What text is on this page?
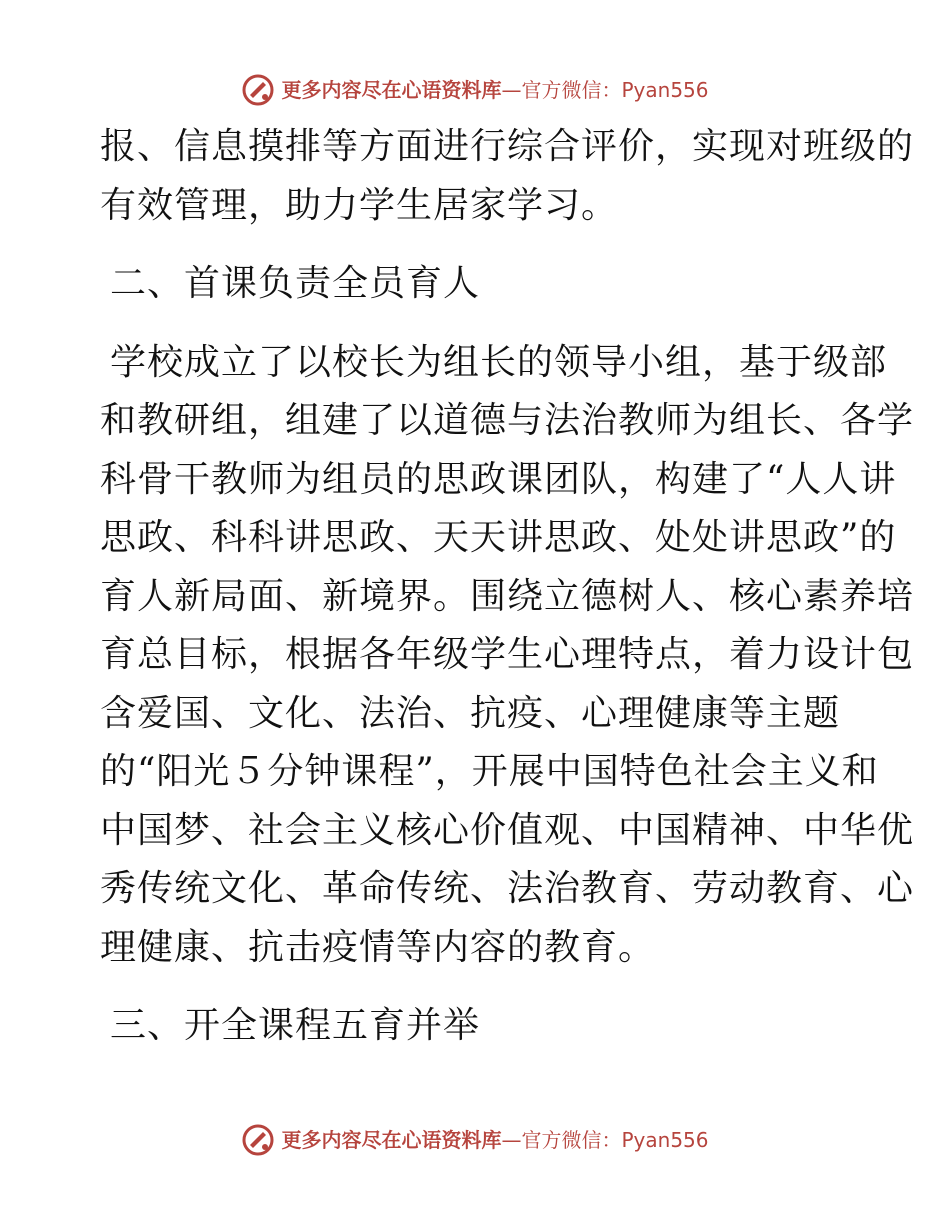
更多内容尽在心语资料库—官方微信：Pyan556
报、信息摸排等方面进行综合评价，实现对班级的
有效管理，助力学生居家学习。
二、首课负责全员育人
学校成立了以校长为组长的领导小组，基于级部
和教研组，组建了以道德与法治教师为组长、各学
科骨干教师为组员的思政课团队，构建了“人人讲
思政、科科讲思政、天天讲思政、处处讲思政”的
育人新局面、新境界。围绕立德树人、核心素养培
育总目标，根据各年级学生心理特点，着力设计包
含爱国、文化、法治、抗疫、心理健康等主题
的“阳光５分钟课程”，开展中国特色社会主义和
中国梦、社会主义核心价值观、中国精神、中华优
秀传统文化、革命传统、法治教育、劳动教育、心
理健康、抗击疫情等内容的教育。
三、开全课程五育并举
更多内容尽在心语资料库—官方微信：Pyan556
